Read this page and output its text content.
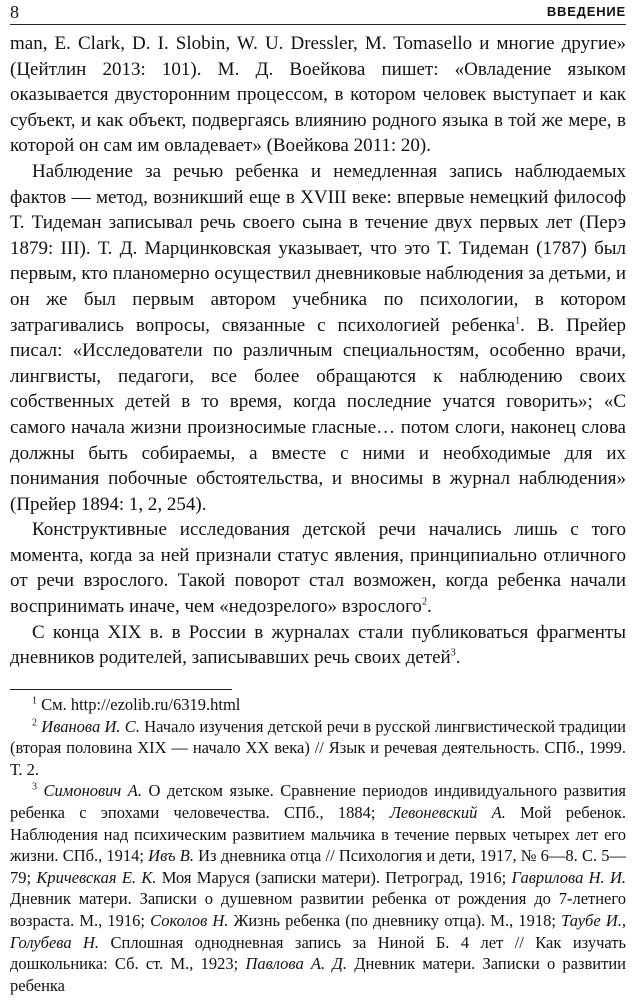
8	ВВЕДЕНИЕ

man, E. Clark, D. I. Slobin, W. U. Dressler, M. Tomasello и многие другие» (Цейтлин 2013: 101). М. Д. Воейкова пишет: «Овладение языком оказывается двусторонним процессом, в котором человек выступает и как субъект, и как объект, подвергаясь влиянию родного языка в той же мере, в которой он сам им овладевает» (Воейкова 2011: 20).

Наблюдение за речью ребенка и немедленная запись наблюдаемых фактов — метод, возникший еще в XVIII веке: впервые немецкий философ Т. Тидеман записывал речь своего сына в течение двух первых лет (Перэ 1879: III). Т. Д. Марцинковская указывает, что это Т. Тидеман (1787) был первым, кто планомерно осуществил дневниковые наблюдения за детьми, и он же был первым автором учебника по психологии, в котором затрагивались вопросы, связанные с психологией ребенка$^1$. В. Прейер писал: «Исследователи по различным специальностям, особенно врачи, лингвисты, педагоги, все более обращаются к наблюдению своих собственных детей в то время, когда последние учатся говорить»; «С самого начала жизни произносимые гласные… потом слоги, наконец слова должны быть собираемы, а вместе с ними и необходимые для их понимания побочные обстоятельства, и вносимы в журнал наблюдения» (Прейер 1894: 1, 2, 254).

Конструктивные исследования детской речи начались лишь с того момента, когда за ней признали статус явления, принципиально отличного от речи взрослого. Такой поворот стал возможен, когда ребенка начали воспринимать иначе, чем «недозрелого» взрослого$^2$.

С конца XIX в. в России в журналах стали публиковаться фрагменты дневников родителей, записывавших речь своих детей$^3$.

$^1$ См. http://ezolib.ru/6319.html

$^2$ Иванова И. С. Начало изучения детской речи в русской лингвистической традиции (вторая половина XIX — начало XX века) // Язык и речевая деятельность. СПб., 1999. Т. 2.

$^3$ Симонович А. О детском языке. Сравнение периодов индивидуального развития ребенка с эпохами человечества. СПб., 1884; Левоневский А. Мой ребенок. Наблюдения над психическим развитием мальчика в течение первых четырех лет его жизни. СПб., 1914; Ивъ В. Из дневника отца // Психология и дети, 1917, № 6—8. С. 5—79; Кричевская Е. К. Моя Маруся (записки матери). Петроград, 1916; Гаврилова Н. И. Дневник матери. Записки о душевном развитии ребенка от рождения до 7-летнего возраста. М., 1916; Соколов Н. Жизнь ребенка (по дневнику отца). М., 1918; Таубе И., Голубева Н. Сплошная однодневная запись за Ниной Б. 4 лет // Как изучать дошкольника: Сб. ст. М., 1923; Павлова А. Д. Дневник матери. Записки о развитии ребенка
